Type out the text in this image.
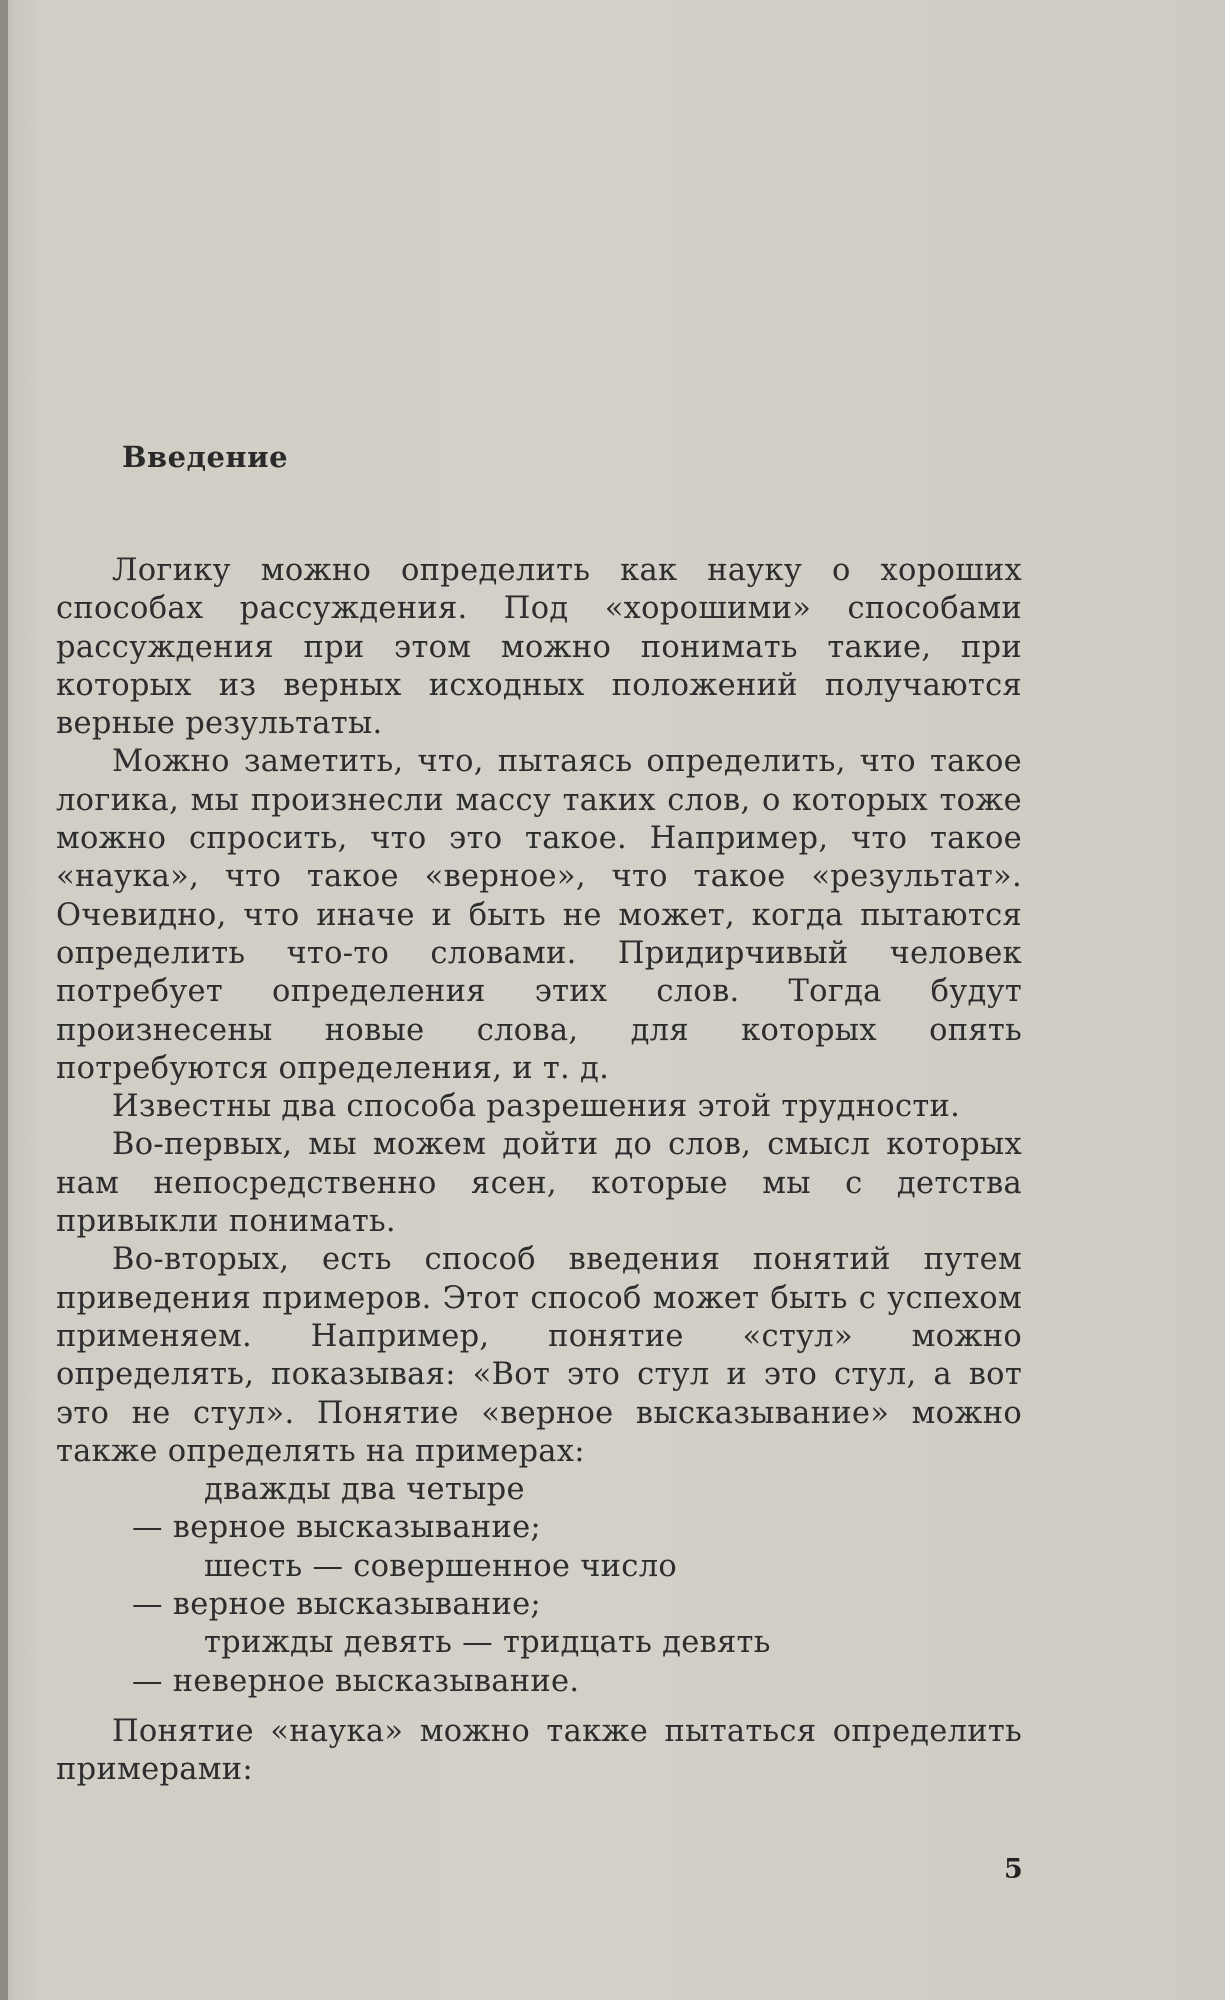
Введение

Логику можно определить как науку о хороших способах рассуждения. Под «хорошими» способами рассуждения при этом можно понимать такие, при которых из верных исходных положений получаются верные результаты.

Можно заметить, что, пытаясь определить, что такое логика, мы произнесли массу таких слов, о которых тоже можно спросить, что это такое. Например, что такое «наука», что такое «верное», что такое «результат». Очевидно, что иначе и быть не может, когда пытаются определить что-то словами. Придирчивый человек потребует определения этих слов. Тогда будут произнесены новые слова, для которых опять потребуются определения, и т. д.

Известны два способа разрешения этой трудности.

Во-первых, мы можем дойти до слов, смысл которых нам непосредственно ясен, которые мы с детства привыкли понимать.

Во-вторых, есть способ введения понятий путем приведения примеров. Этот способ может быть с успехом применяем. Например, понятие «стул» можно определять, показывая: «Вот это стул и это стул, а вот это не стул». Понятие «верное высказывание» можно также определять на примерах:

дважды два четыре
— верное высказывание;
шесть — совершенное число
— верное высказывание;
трижды девять — тридцать девять
— неверное высказывание.

Понятие «наука» можно также пытаться определить примерами:

5
